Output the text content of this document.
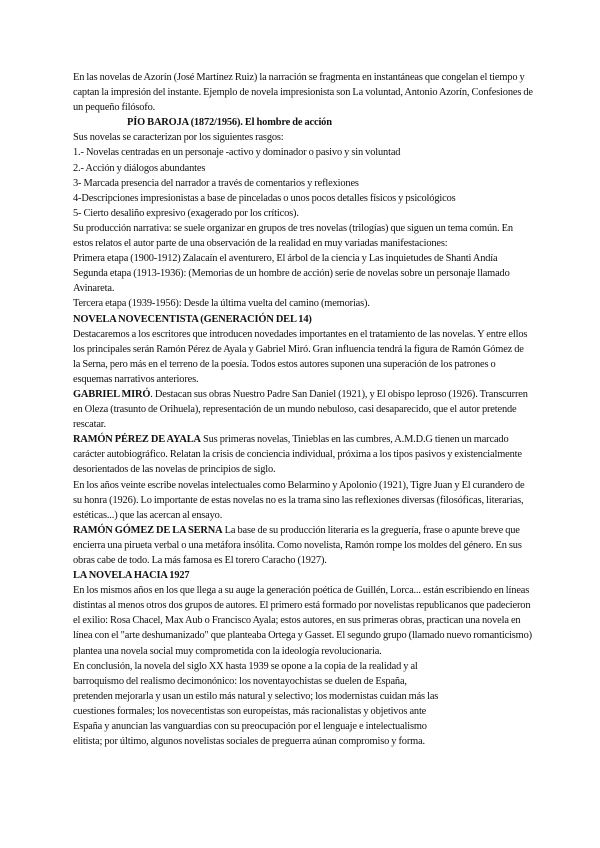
En las novelas de Azorín (José Martínez Ruiz) la narración se fragmenta en instantáneas que congelan el tiempo y captan la impresión del instante. Ejemplo de novela impresionista son La voluntad, Antonio Azorín, Confesiones de un pequeño filósofo.

PÍO BAROJA (1872/1956). El hombre de acción

Sus novelas se caracterizan por los siguientes rasgos:

1.- Novelas centradas en un personaje -activo y dominador o pasivo y sin voluntad

2.- Acción y diálogos abundantes

3- Marcada presencia del narrador a través de comentarios y reflexiones

4-Descripciones impresionistas a base de pinceladas o unos pocos detalles físicos y psicológicos

5- Cierto desaliño expresivo (exagerado por los críticos).

Su producción narrativa: se suele organizar en grupos de tres novelas (trilogías) que siguen un tema común. En estos relatos el autor parte de una observación de la realidad en muy variadas manifestaciones:

Primera etapa (1900-1912) Zalacaín el aventurero, El árbol de la ciencia y Las inquietudes de Shanti Andía

Segunda etapa (1913-1936): (Memorias de un hombre de acción) serie de novelas sobre un personaje llamado Avinareta.

Tercera etapa (1939-1956): Desde la última vuelta del camino (memorias).

NOVELA NOVECENTISTA (GENERACIÓN DEL 14)

Destacaremos a los escritores que introducen novedades importantes en el tratamiento de las novelas. Y entre ellos los principales serán Ramón Pérez de Ayala y Gabriel Miró. Gran influencia tendrá la figura de Ramón Gómez de la Serna, pero más en el terreno de la poesía. Todos estos autores suponen una superación de los patrones o esquemas narrativos anteriores.

GABRIEL MIRÓ. Destacan sus obras Nuestro Padre San Daniel (1921), y El obispo leproso (1926). Transcurren en Oleza (trasunto de Orihuela), representación de un mundo nebuloso, casi desaparecido, que el autor pretende rescatar.

RAMÓN PÉREZ DE AYALA Sus primeras novelas, Tinieblas en las cumbres, A.M.D.G tienen un marcado carácter autobiográfico. Relatan la crisis de conciencia individual, próxima a los tipos pasivos y existencialmente desorientados de las novelas de principios de siglo.

En los años veinte escribe novelas intelectuales como Belarmino y Apolonio (1921), Tigre Juan y El curandero de su honra (1926). Lo importante de estas novelas no es la trama sino las reflexiones diversas (filosóficas, literarias, estéticas...) que las acercan al ensayo.

RAMÓN GÓMEZ DE LA SERNA La base de su producción literaria es la greguería, frase o apunte breve que encierra una pirueta verbal o una metáfora insólita. Como novelista, Ramón rompe los moldes del género. En sus obras cabe de todo. La más famosa es El torero Caracho (1927).

LA NOVELA HACIA 1927

En los mismos años en los que llega a su auge la generación poética de Guillén, Lorca... están escribiendo en líneas distintas al menos otros dos grupos de autores. El primero está formado por novelistas republicanos que padecieron el exilio: Rosa Chacel, Max Aub o Francisco Ayala; estos autores, en sus primeras obras, practican una novela en línea con el "arte deshumanizado" que planteaba Ortega y Gasset. El segundo grupo (llamado nuevo romanticismo) plantea una novela social muy comprometida con la ideología revolucionaria.

En conclusión, la novela del siglo XX hasta 1939 se opone a la copia de la realidad y al

barroquismo del realismo decimonónico: los noventayochistas se duelen de España,

pretenden mejorarla y usan un estilo más natural y selectivo; los modernistas cuidan más las

cuestiones formales; los novecentistas son europeístas, más racionalistas y objetivos ante

España y anuncian las vanguardias con su preocupación por el lenguaje e intelectualismo

elitista; por último, algunos novelistas sociales de preguerra aúnan compromiso y forma.
